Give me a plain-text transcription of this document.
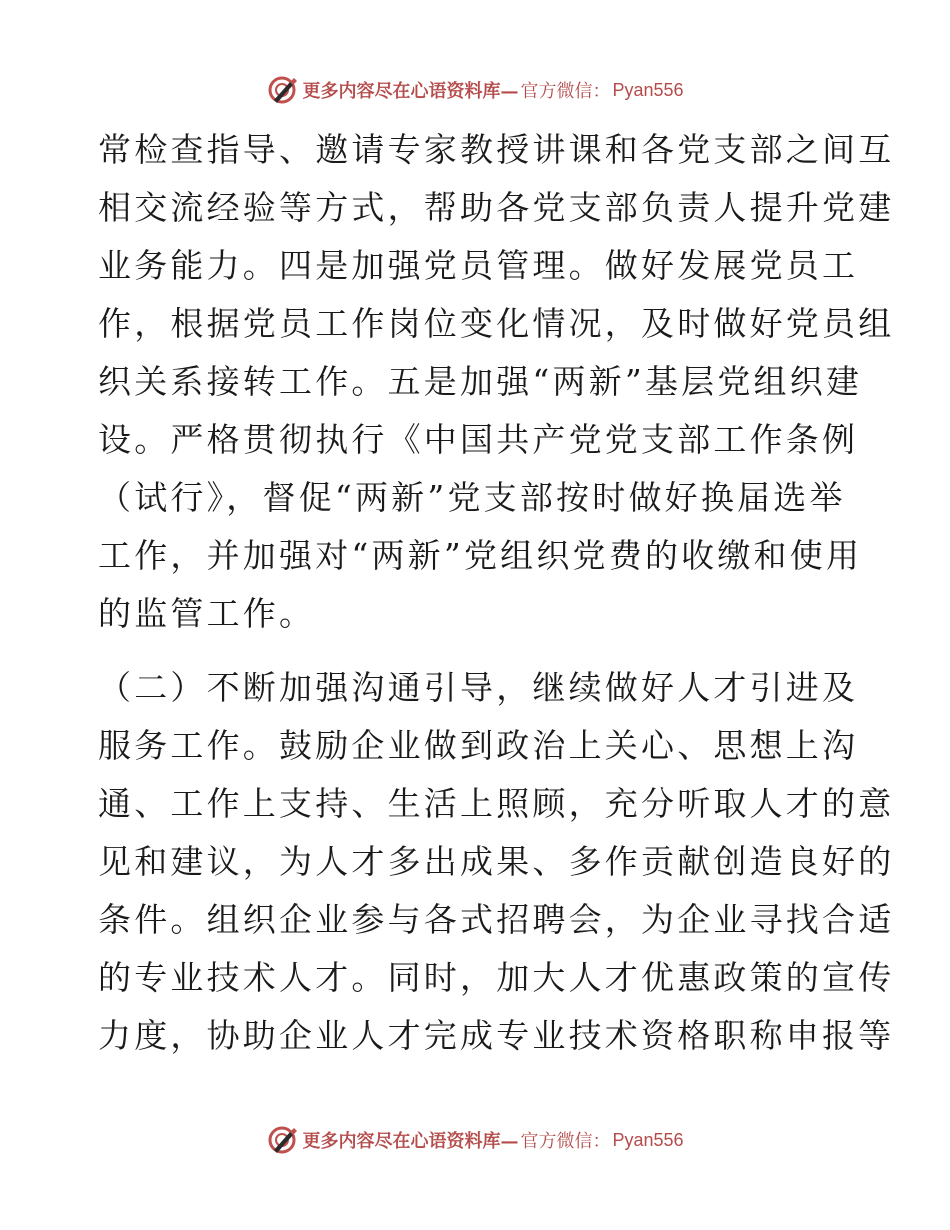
更多内容尽在心语资料库— 官方微信： Pyan556

常检查指导、邀请专家教授讲课和各党支部之间互
相交流经验等方式，帮助各党支部负责人提升党建
业务能力。四是加强党员管理。做好发展党员工
作，根据党员工作岗位变化情况，及时做好党员组
织关系接转工作。五是加强“两新”基层党组织建
设。严格贯彻执行《中国共产党党支部工作条例
（试行》，督促“两新”党支部按时做好换届选举
工作，并加强对“两新”党组织党费的收缴和使用
的监管工作。

（二）不断加强沟通引导，继续做好人才引进及
服务工作。鼓励企业做到政治上关心、思想上沟
通、工作上支持、生活上照顾，充分听取人才的意
见和建议，为人才多出成果、多作贡献创造良好的
条件。组织企业参与各式招聘会，为企业寻找合适
的专业技术人才。同时，加大人才优惠政策的宣传
力度，协助企业人才完成专业技术资格职称申报等

更多内容尽在心语资料库— 官方微信： Pyan556
